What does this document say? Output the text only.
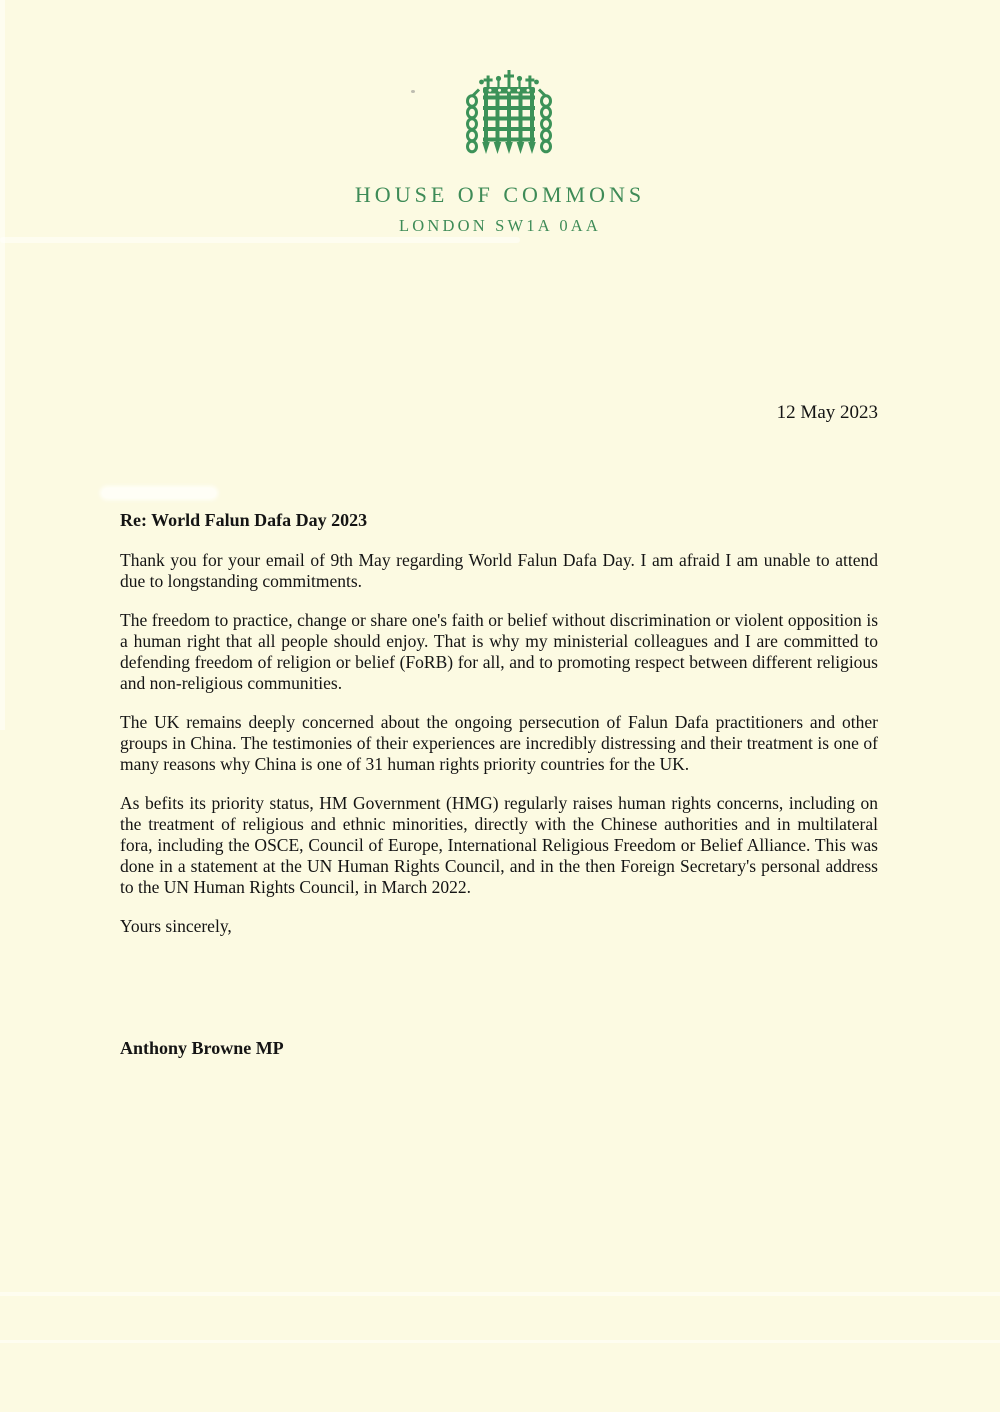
HOUSE OF COMMONS
LONDON SW1A 0AA
12 May 2023
Re: World Falun Dafa Day 2023

Thank you for your email of 9th May regarding World Falun Dafa Day. I am afraid I am unable to attend due to longstanding commitments.

The freedom to practice, change or share one's faith or belief without discrimination or violent opposition is a human right that all people should enjoy. That is why my ministerial colleagues and I are committed to defending freedom of religion or belief (FoRB) for all, and to promoting respect between different religious and non-religious communities.

The UK remains deeply concerned about the ongoing persecution of Falun Dafa practitioners and other groups in China. The testimonies of their experiences are incredibly distressing and their treatment is one of many reasons why China is one of 31 human rights priority countries for the UK.

As befits its priority status, HM Government (HMG) regularly raises human rights concerns, including on the treatment of religious and ethnic minorities, directly with the Chinese authorities and in multilateral fora, including the OSCE, Council of Europe, International Religious Freedom or Belief Alliance. This was done in a statement at the UN Human Rights Council, and in the then Foreign Secretary's personal address to the UN Human Rights Council, in March 2022.

Yours sincerely,

Anthony Browne MP
